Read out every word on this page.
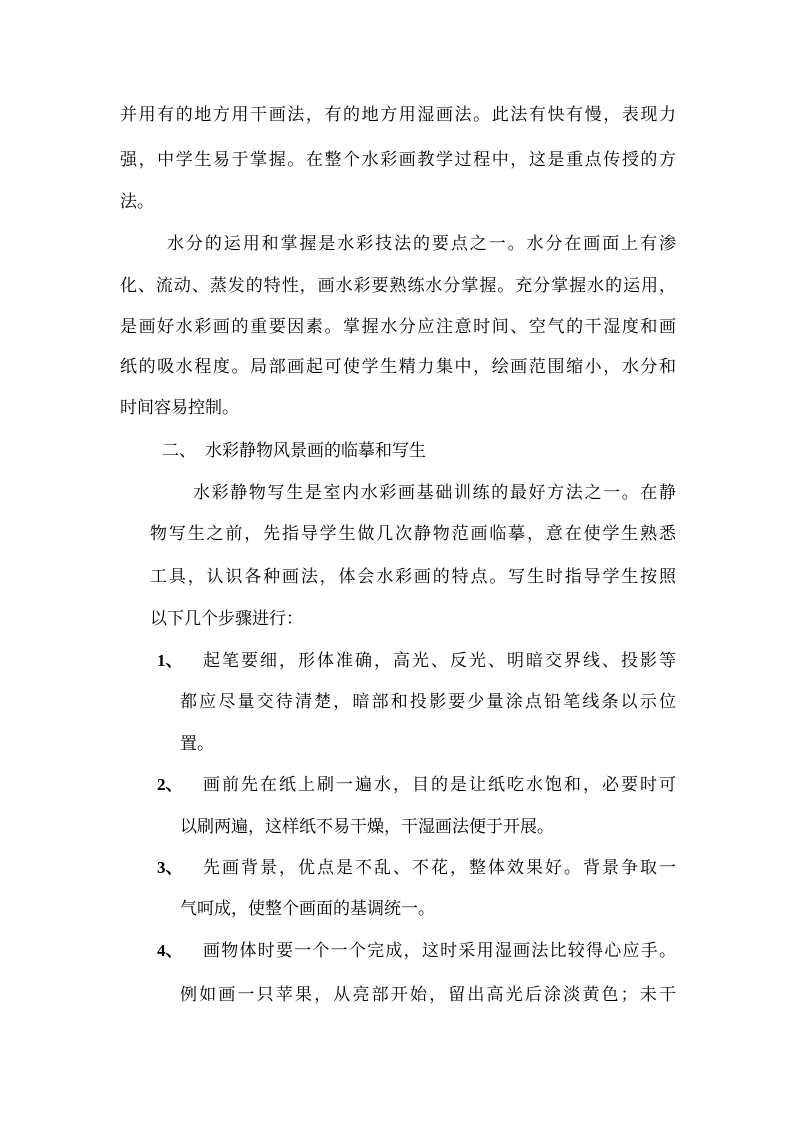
并用有的地方用干画法，有的地方用湿画法。此法有快有慢，表现力
强，中学生易于掌握。在整个水彩画教学过程中，这是重点传授的方
法。
水分的运用和掌握是水彩技法的要点之一。水分在画面上有渗
化、流动、蒸发的特性，画水彩要熟练水分掌握。充分掌握水的运用，
是画好水彩画的重要因素。掌握水分应注意时间、空气的干湿度和画
纸的吸水程度。局部画起可使学生精力集中，绘画范围缩小，水分和
时间容易控制。
二、 水彩静物风景画的临摹和写生
水彩静物写生是室内水彩画基础训练的最好方法之一。在静
物写生之前，先指导学生做几次静物范画临摹，意在使学生熟悉
工具，认识各种画法，体会水彩画的特点。写生时指导学生按照
以下几个步骤进行：
1、 起笔要细，形体准确，高光、反光、明暗交界线、投影等
都应尽量交待清楚，暗部和投影要少量涂点铅笔线条以示位
置。
2、 画前先在纸上刷一遍水，目的是让纸吃水饱和，必要时可
以刷两遍，这样纸不易干燥，干湿画法便于开展。
3、 先画背景，优点是不乱、不花，整体效果好。背景争取一
气呵成，使整个画面的基调统一。
4、 画物体时要一个一个完成，这时采用湿画法比较得心应手。
例如画一只苹果，从亮部开始，留出高光后涂淡黄色；未干
